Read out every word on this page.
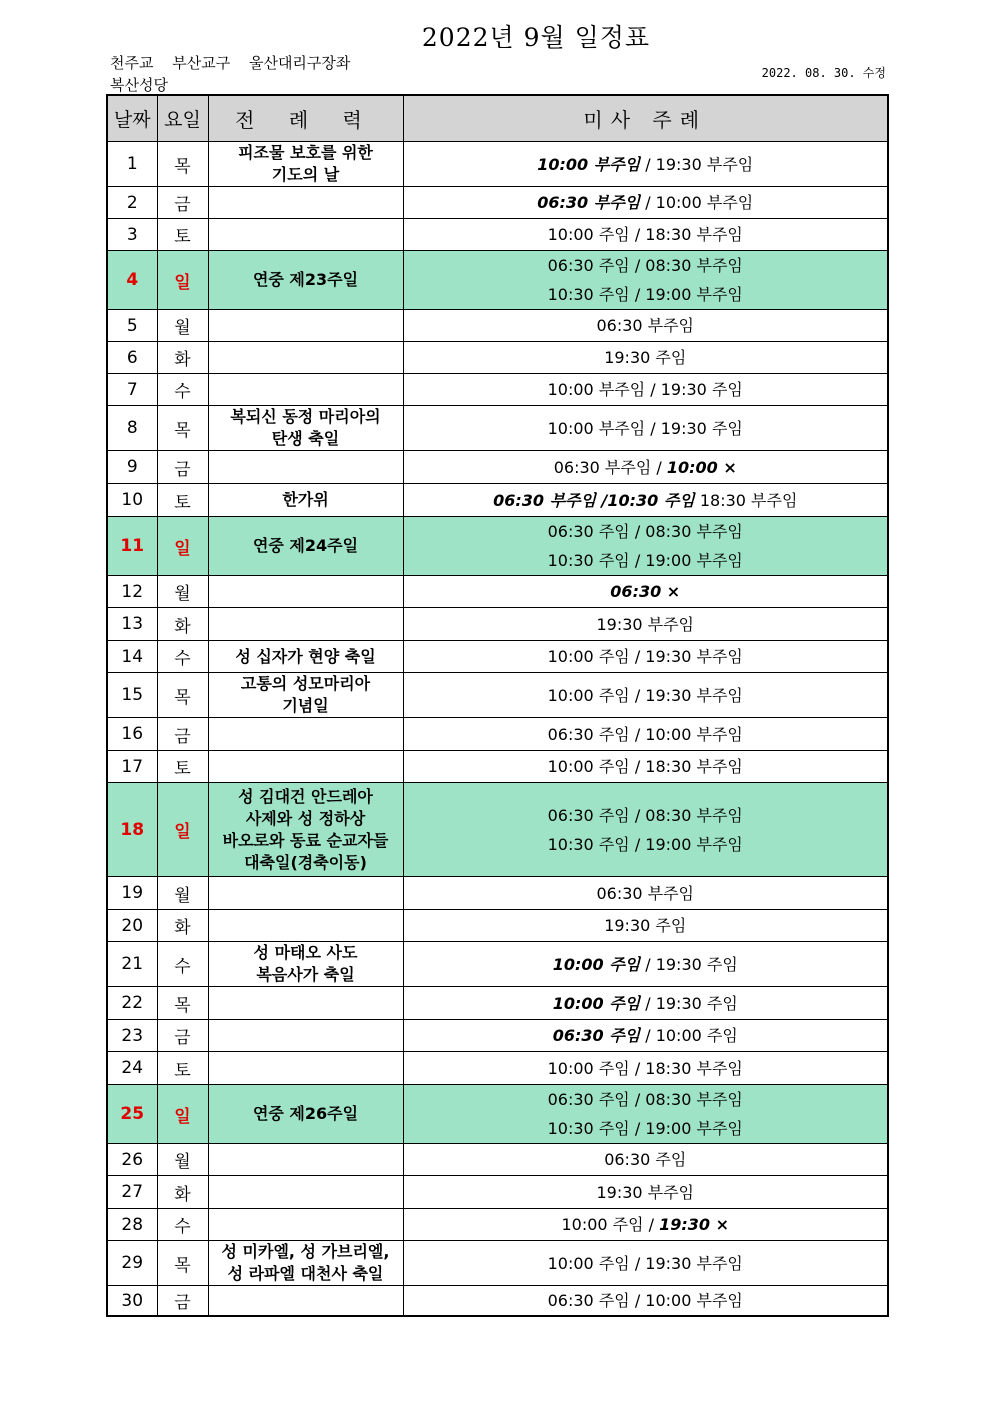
2022년 9월 일정표
천주교 부산교구 울산대리구장좌
복산성당
2022. 08. 30. 수정
날짜	요일	전 례 력	미사 주례
1	목	피조물 보호를 위한
기도의 날	10:00 부주임 / 19:30 부주임
2	금		06:30 부주임 / 10:00 부주임
3	토		10:00 주임 / 18:30 부주임
4	일	연중 제23주일	06:30 주임 / 08:30 부주임
10:30 주임 / 19:00 부주임
5	월		06:30 부주임
6	화		19:30 주임
7	수		10:00 부주임 / 19:30 주임
8	목	복되신 동정 마리아의
탄생 축일	10:00 부주임 / 19:30 주임
9	금		06:30 부주임 / 10:00 ×
10	토	한가위	06:30 부주임 /10:30 주임 18:30 부주임
11	일	연중 제24주일	06:30 주임 / 08:30 부주임
10:30 주임 / 19:00 부주임
12	월		06:30 ×
13	화		19:30 부주임
14	수	성 십자가 현양 축일	10:00 주임 / 19:30 부주임
15	목	고통의 성모마리아
기념일	10:00 주임 / 19:30 부주임
16	금		06:30 주임 / 10:00 부주임
17	토		10:00 주임 / 18:30 부주임
18	일	성 김대건 안드레아
사제와 성 정하상
바오로와 동료 순교자들
대축일(경축이동)	06:30 주임 / 08:30 부주임
10:30 주임 / 19:00 부주임
19	월		06:30 부주임
20	화		19:30 주임
21	수	성 마태오 사도
복음사가 축일	10:00 주임 / 19:30 주임
22	목		10:00 주임 / 19:30 주임
23	금		06:30 주임 / 10:00 주임
24	토		10:00 주임 / 18:30 부주임
25	일	연중 제26주일	06:30 주임 / 08:30 부주임
10:30 주임 / 19:00 부주임
26	월		06:30 주임
27	화		19:30 부주임
28	수		10:00 주임 / 19:30 ×
29	목	성 미카엘, 성 가브리엘,
성 라파엘 대천사 축일	10:00 주임 / 19:30 부주임
30	금		06:30 주임 / 10:00 부주임
